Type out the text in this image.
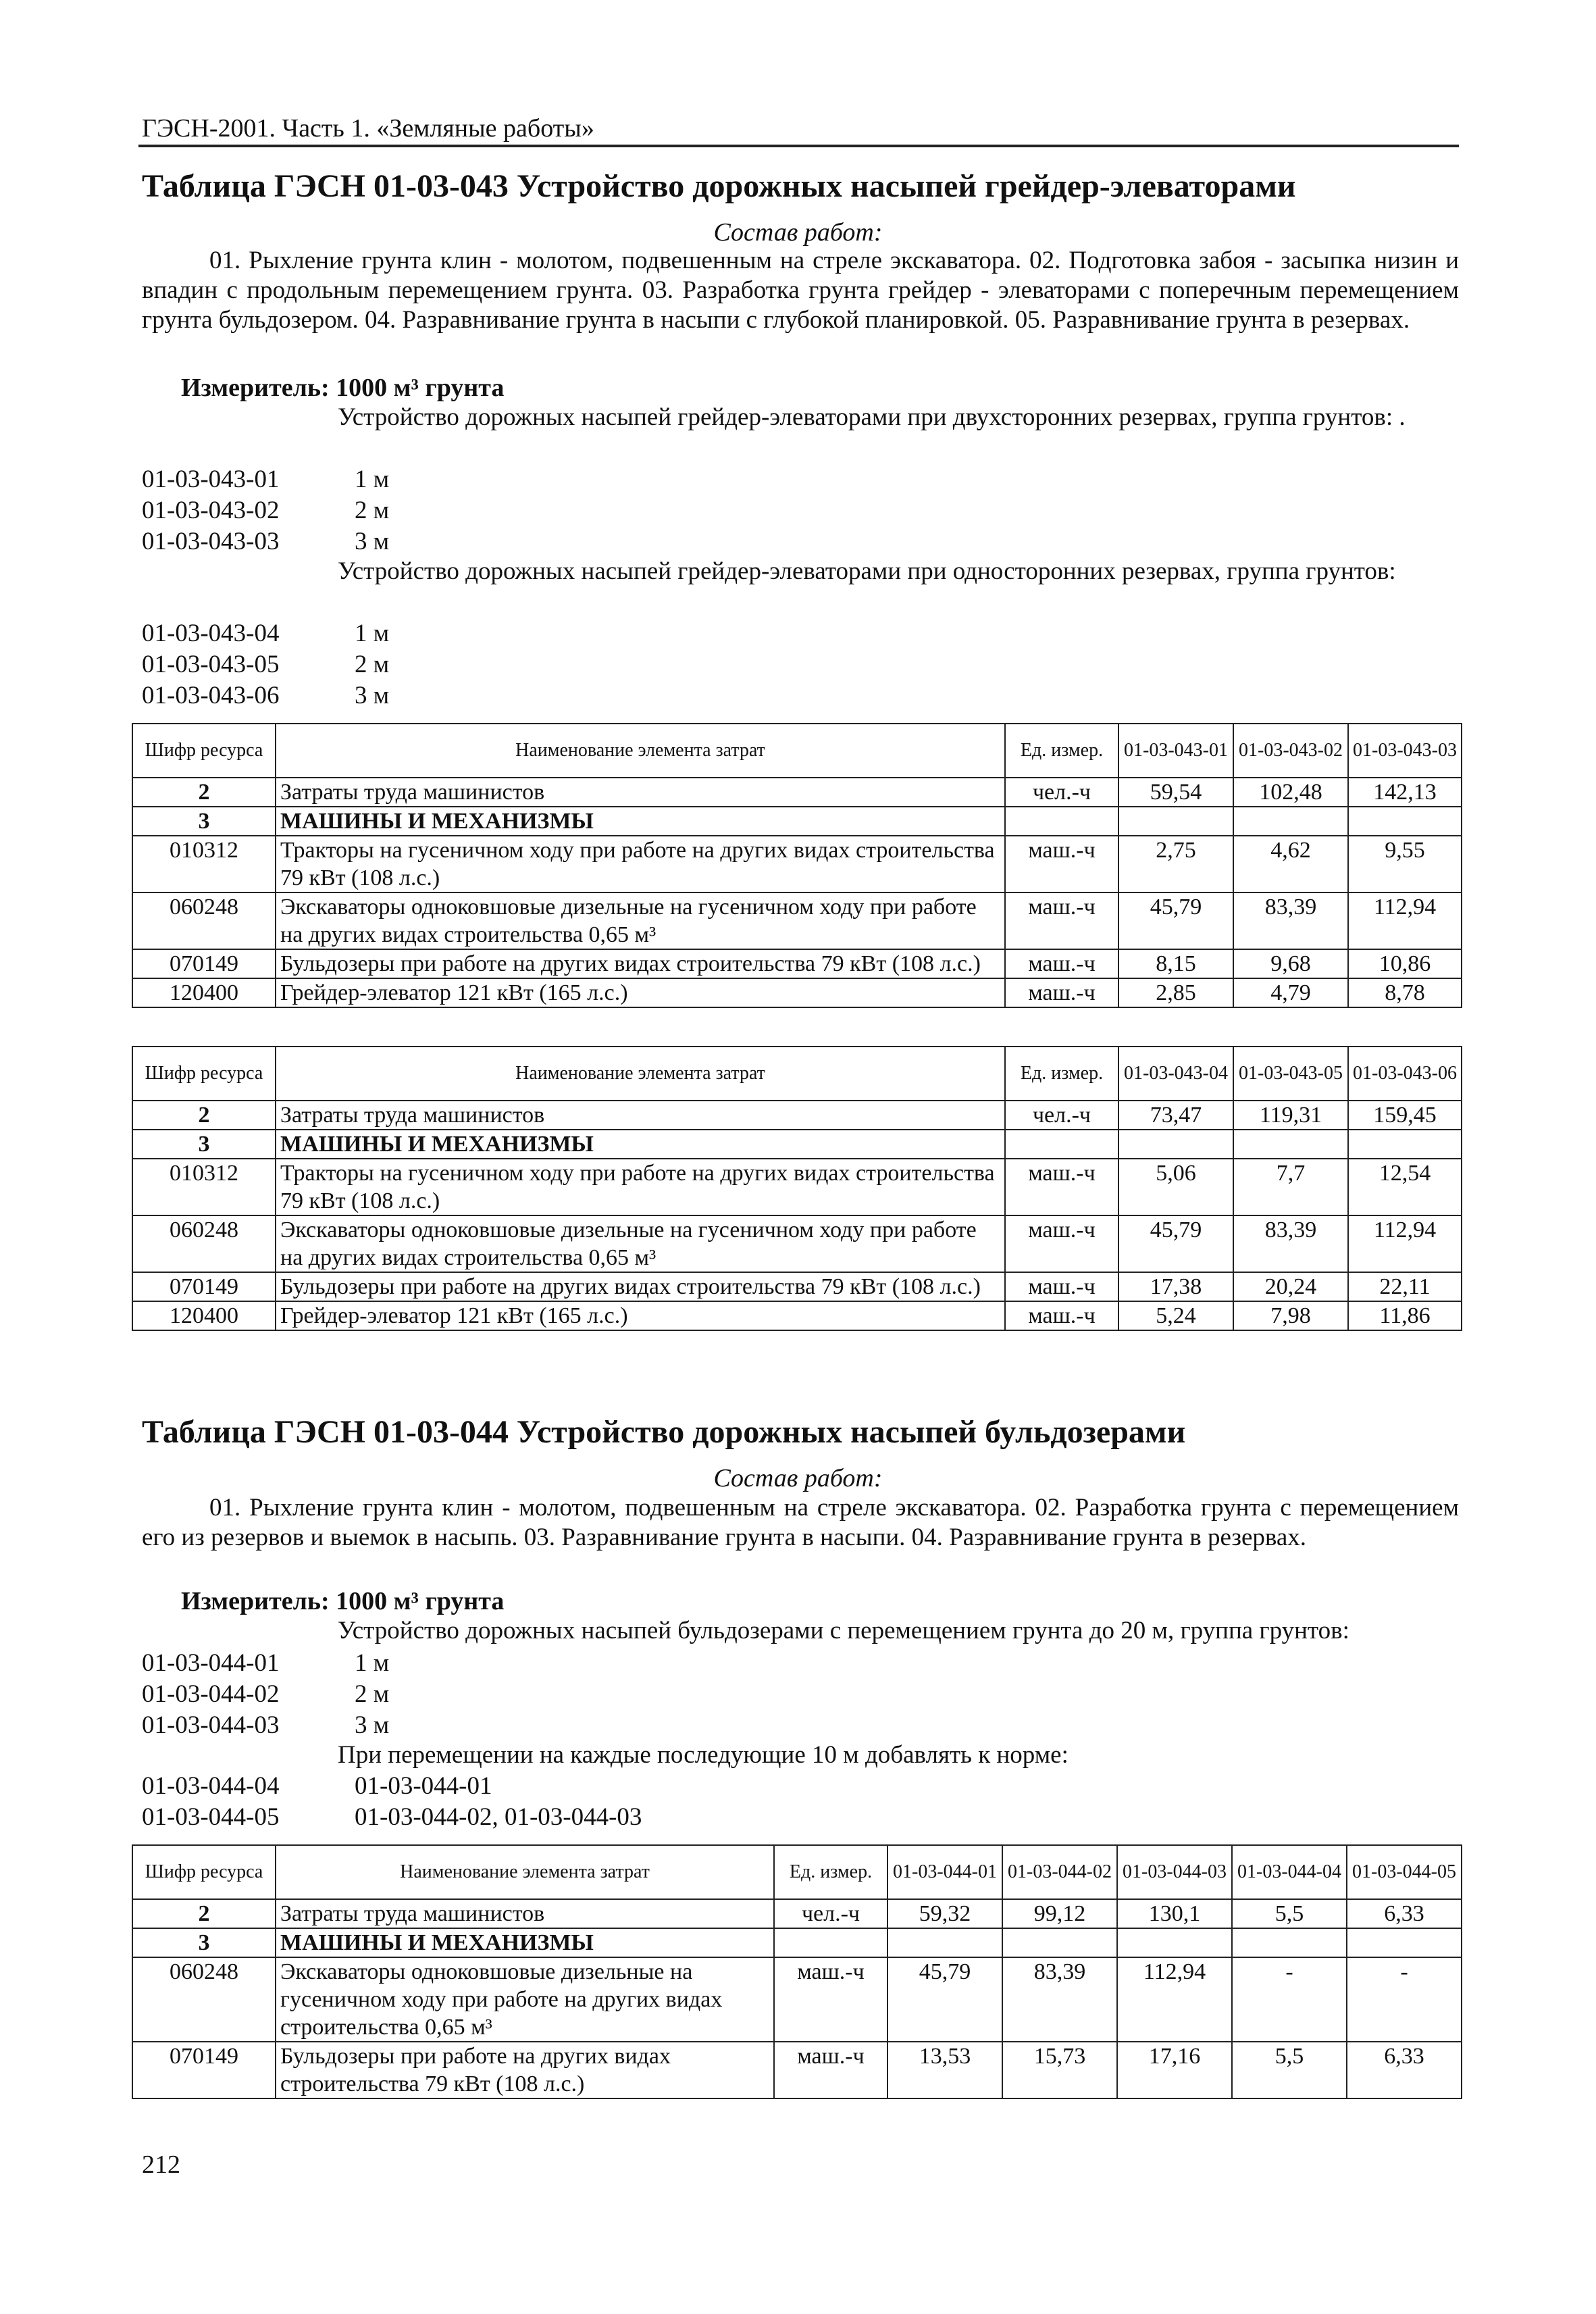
ГЭСН-2001. Часть 1. «Земляные работы»
Таблица ГЭСН 01-03-043 Устройство дорожных насыпей грейдер-элеваторами
Состав работ:
01. Рыхление грунта клин - молотом, подвешенным на стреле экскаватора. 02. Подготовка забоя - засыпка низин и впадин с продольным перемещением грунта. 03. Разработка грунта грейдер - элеваторами с поперечным перемещением грунта бульдозером. 04. Разравнивание грунта в насыпи с глубокой планировкой. 05. Разравнивание грунта в резервах.
Измеритель: 1000 м³ грунта
Устройство дорожных насыпей грейдер-элеваторами при двухсторонних резервах, группа грунтов: .
01-03-043-01	1 м
01-03-043-02	2 м
01-03-043-03	3 м
Устройство дорожных насыпей грейдер-элеваторами при односторонних резервах, группа грунтов:
01-03-043-04	1 м
01-03-043-05	2 м
01-03-043-06	3 м
Шифр ресурса	Наименование элемента затрат	Ед. измер.	01-03-043-01	01-03-043-02	01-03-043-03
2	Затраты труда машинистов	чел.-ч	59,54	102,48	142,13
3	МАШИНЫ И МЕХАНИЗМЫ				
010312	Тракторы на гусеничном ходу при работе на других видах строительства 79 кВт (108 л.с.)	маш.-ч	2,75	4,62	9,55
060248	Экскаваторы одноковшовые дизельные на гусеничном ходу при работе на других видах строительства 0,65 м³	маш.-ч	45,79	83,39	112,94
070149	Бульдозеры при работе на других видах строительства 79 кВт (108 л.с.)	маш.-ч	8,15	9,68	10,86
120400	Грейдер-элеватор 121 кВт (165 л.с.)	маш.-ч	2,85	4,79	8,78
Шифр ресурса	Наименование элемента затрат	Ед. измер.	01-03-043-04	01-03-043-05	01-03-043-06
2	Затраты труда машинистов	чел.-ч	73,47	119,31	159,45
3	МАШИНЫ И МЕХАНИЗМЫ				
010312	Тракторы на гусеничном ходу при работе на других видах строительства 79 кВт (108 л.с.)	маш.-ч	5,06	7,7	12,54
060248	Экскаваторы одноковшовые дизельные на гусеничном ходу при работе на других видах строительства 0,65 м³	маш.-ч	45,79	83,39	112,94
070149	Бульдозеры при работе на других видах строительства 79 кВт (108 л.с.)	маш.-ч	17,38	20,24	22,11
120400	Грейдер-элеватор 121 кВт (165 л.с.)	маш.-ч	5,24	7,98	11,86
Таблица ГЭСН 01-03-044 Устройство дорожных насыпей бульдозерами
Состав работ:
01. Рыхление грунта клин - молотом, подвешенным на стреле экскаватора. 02. Разработка грунта с перемещением его из резервов и выемок в насыпь. 03. Разравнивание грунта в насыпи. 04. Разравнивание грунта в резервах.
Измеритель: 1000 м³ грунта
Устройство дорожных насыпей бульдозерами с перемещением грунта до 20 м, группа грунтов:
01-03-044-01	1 м
01-03-044-02	2 м
01-03-044-03	3 м
При перемещении на каждые последующие 10 м добавлять к норме:
01-03-044-04	01-03-044-01
01-03-044-05	01-03-044-02, 01-03-044-03
Шифр ресурса	Наименование элемента затрат	Ед. измер.	01-03-044-01	01-03-044-02	01-03-044-03	01-03-044-04	01-03-044-05
2	Затраты труда машинистов	чел.-ч	59,32	99,12	130,1	5,5	6,33
3	МАШИНЫ И МЕХАНИЗМЫ						
060248	Экскаваторы одноковшовые дизельные на гусеничном ходу при работе на других видах строительства 0,65 м³	маш.-ч	45,79	83,39	112,94	-	-
070149	Бульдозеры при работе на других видах строительства 79 кВт (108 л.с.)	маш.-ч	13,53	15,73	17,16	5,5	6,33
212
